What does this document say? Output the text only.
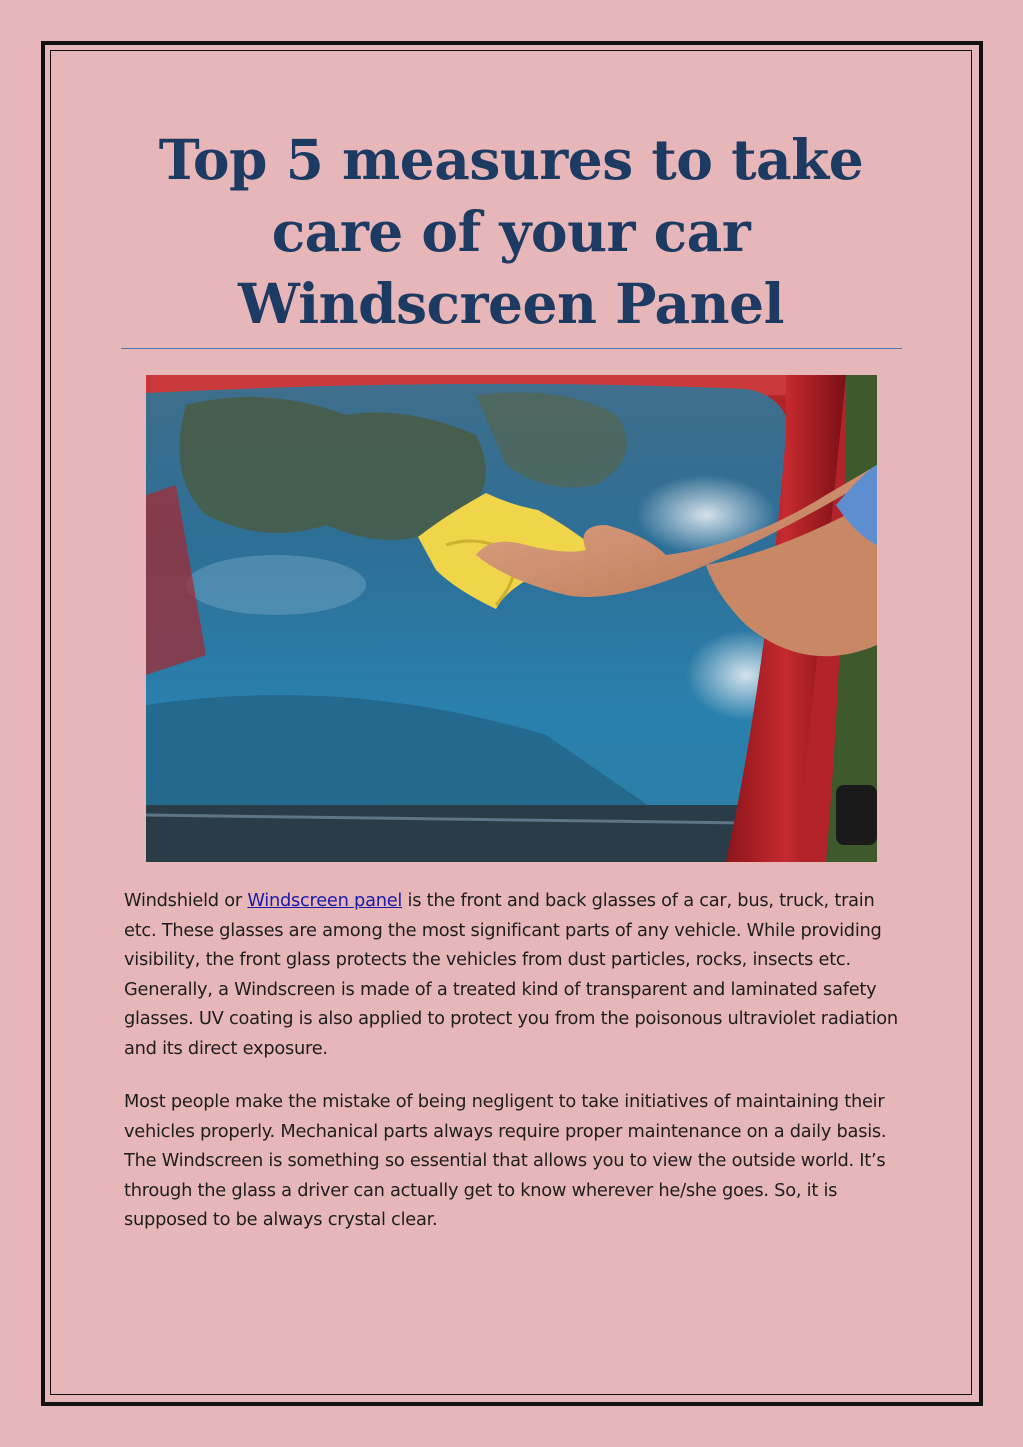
Top 5 measures to take care of your car Windscreen Panel

Windshield or Windscreen panel is the front and back glasses of a car, bus, truck, train etc. These glasses are among the most significant parts of any vehicle. While providing visibility, the front glass protects the vehicles from dust particles, rocks, insects etc. Generally, a Windscreen is made of a treated kind of transparent and laminated safety glasses. UV coating is also applied to protect you from the poisonous ultraviolet radiation and its direct exposure.

Most people make the mistake of being negligent to take initiatives of maintaining their vehicles properly. Mechanical parts always require proper maintenance on a daily basis. The Windscreen is something so essential that allows you to view the outside world. It’s through the glass a driver can actually get to know wherever he/she goes. So, it is supposed to be always crystal clear.
